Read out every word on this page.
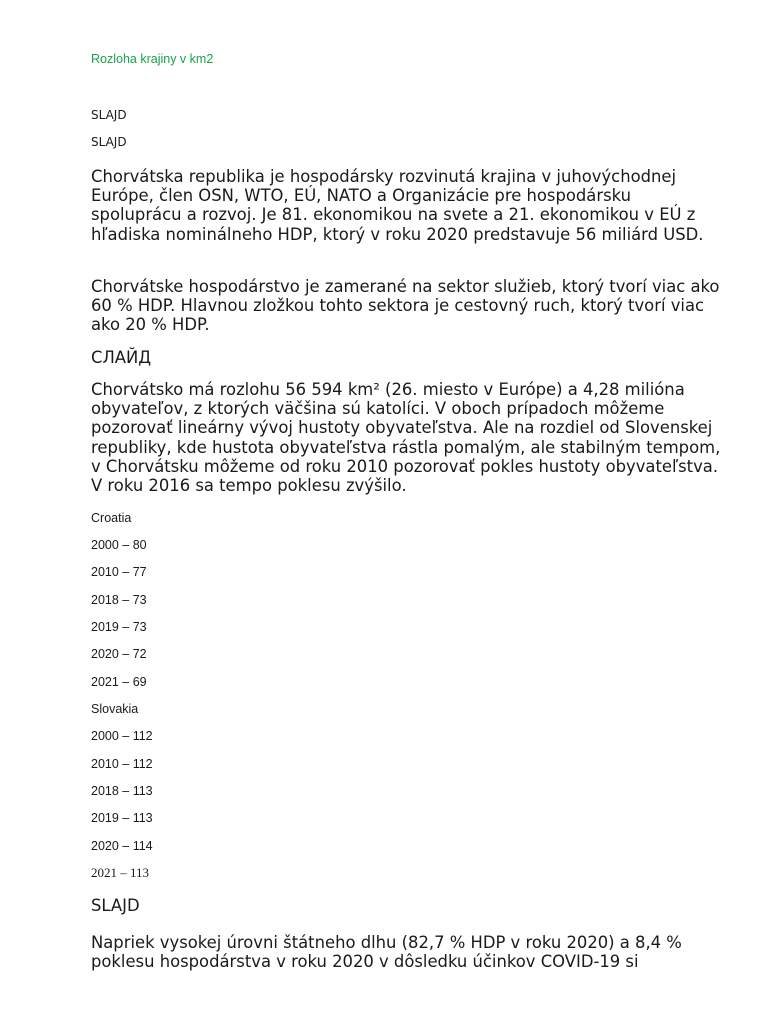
Rozloha krajiny v km2

SLAJD

SLAJD

Chorvátska republika je hospodársky rozvinutá krajina v juhovýchodnej Európe, člen OSN, WTO, EÚ, NATO a Organizácie pre hospodársku spoluprácu a rozvoj. Je 81. ekonomikou na svete a 21. ekonomikou v EÚ z hľadiska nominálneho HDP, ktorý v roku 2020 predstavuje 56 miliárd USD.

Chorvátske hospodárstvo je zamerané na sektor služieb, ktorý tvorí viac ako 60 % HDP. Hlavnou zložkou tohto sektora je cestovný ruch, ktorý tvorí viac ako 20 % HDP.

СЛАЙД

Chorvátsko má rozlohu 56 594 km² (26. miesto v Európe) a 4,28 milióna obyvateľov, z ktorých väčšina sú katolíci. V oboch prípadoch môžeme pozorovať lineárny vývoj hustoty obyvateľstva. Ale na rozdiel od Slovenskej republiky, kde hustota obyvateľstva rástla pomalým, ale stabilným tempom, v Chorvátsku môžeme od roku 2010 pozorovať pokles hustoty obyvateľstva. V roku 2016 sa tempo poklesu zvýšilo.

Croatia
2000 – 80
2010 – 77
2018 – 73
2019 – 73
2020 – 72
2021 – 69
Slovakia
2000 – 112
2010 – 112
2018 – 113
2019 – 113
2020 – 114
2021 – 113

SLAJD

Napriek vysokej úrovni štátneho dlhu (82,7 % HDP v roku 2020) a 8,4 % poklesu hospodárstva v roku 2020 v dôsledku účinkov COVID-19 si
